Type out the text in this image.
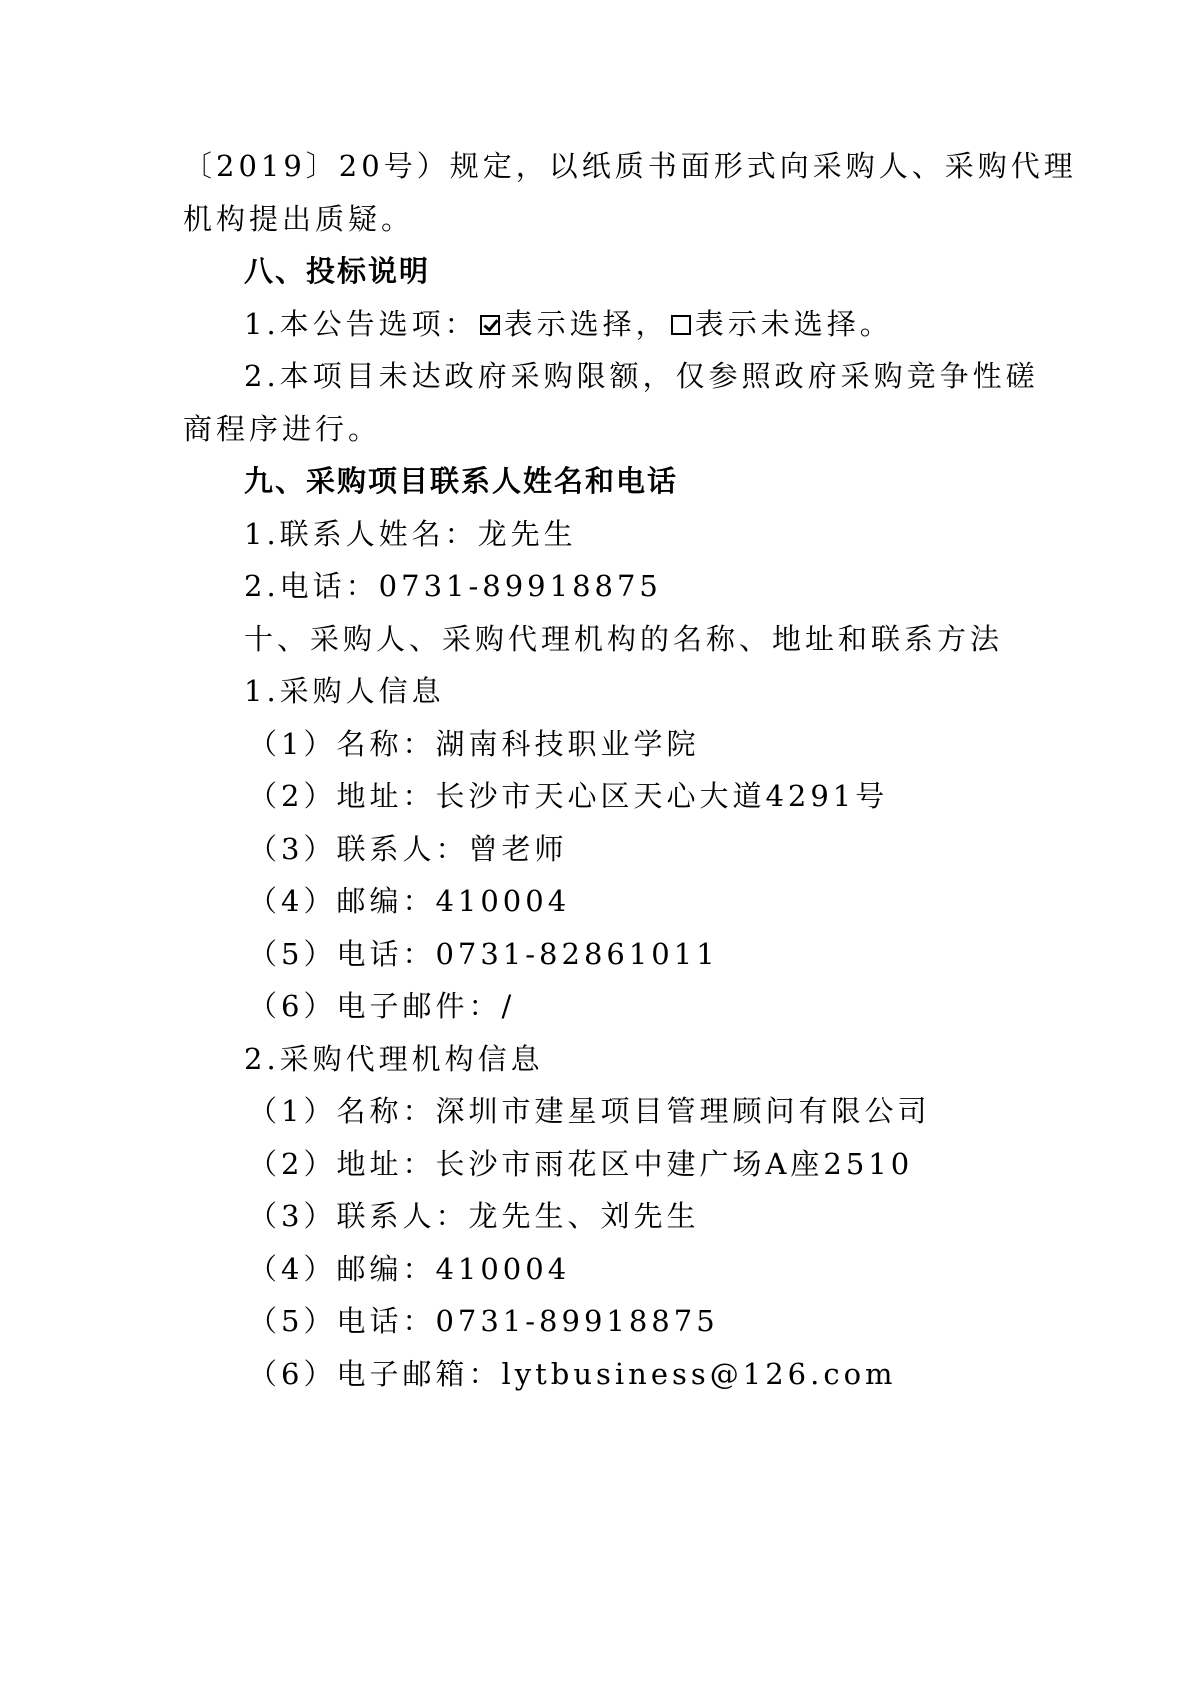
〔2019〕20号）规定，以纸质书面形式向采购人、采购代理
机构提出质疑。
八、投标说明
1.本公告选项： 表示选择， 表示未选择。
2.本项目未达政府采购限额，仅参照政府采购竞争性磋
商程序进行。
九、采购项目联系人姓名和电话
1.联系人姓名：龙先生
2.电话：0731-89918875
十、采购人、采购代理机构的名称、地址和联系方法
1.采购人信息
（1）名称：湖南科技职业学院
（2）地址：长沙市天心区天心大道4291号
（3）联系人：曾老师
（4）邮编：410004
（5）电话：0731-82861011
（6）电子邮件：/
2.采购代理机构信息
（1）名称：深圳市建星项目管理顾问有限公司
（2）地址：长沙市雨花区中建广场A座2510
（3）联系人：龙先生、刘先生
（4）邮编：410004
（5）电话：0731-89918875
（6）电子邮箱：lytbusiness@126.com
